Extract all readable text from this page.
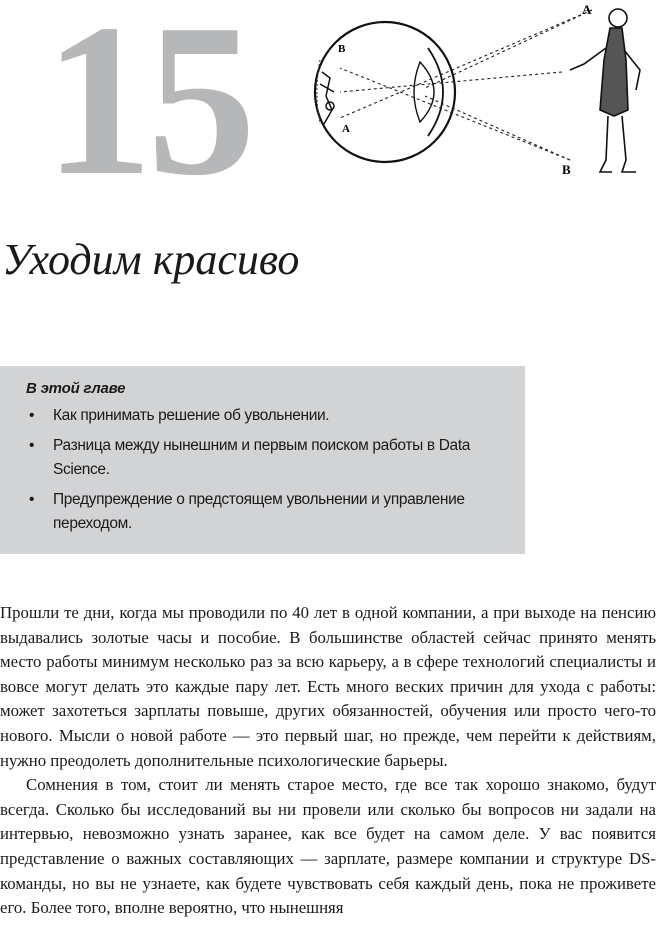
15	A
B
B
A
Уходим красиво

В этой главе

• Как принимать решение об увольнении.
• Разница между нынешним и первым поиском работы в Data Science.
• Предупреждение о предстоящем увольнении и управление переходом.

Прошли те дни, когда мы проводили по 40 лет в одной компании, а при выходе на пенсию выдавались золотые часы и пособие. В большинстве областей сейчас принято менять место работы минимум несколько раз за всю карьеру, а в сфере технологий специалисты и вовсе могут делать это каждые пару лет. Есть много веских причин для ухода с работы: может захотеться зарплаты повыше, других обязанностей, обучения или просто чего-то нового. Мысли о новой работе — это первый шаг, но прежде, чем перейти к действиям, нужно преодолеть дополнительные психологические барьеры.

Сомнения в том, стоит ли менять старое место, где все так хорошо знакомо, будут всегда. Сколько бы исследований вы ни провели или сколько бы вопросов ни задали на интервью, невозможно узнать заранее, как все будет на самом деле. У вас появится представление о важных составляющих — зарплате, размере компании и структуре DS-команды, но вы не узнаете, как будете чувствовать себя каждый день, пока не проживете его. Более того, вполне вероятно, что нынешняя
